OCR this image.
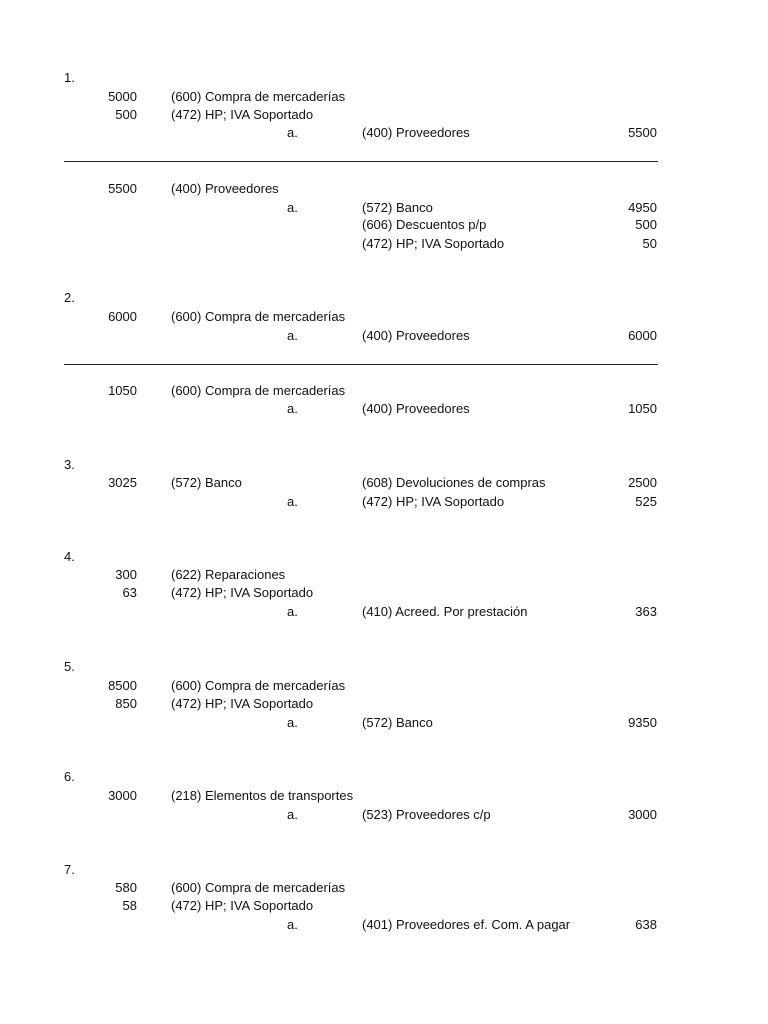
1.
5000	(600) Compra de mercaderías
500	(472) HP; IVA Soportado
a.	(400) Proveedores	5500
5500	(400) Proveedores
a.	(572) Banco	4950
(606) Descuentos p/p	500
(472) HP; IVA Soportado	50
2.
6000	(600) Compra de mercaderías
a.	(400) Proveedores	6000
1050	(600) Compra de mercaderías
a.	(400) Proveedores	1050
3.
3025	(572) Banco	(608) Devoluciones de compras	2500
a.	(472) HP; IVA Soportado	525
4.
300	(622) Reparaciones
63	(472) HP; IVA Soportado
a.	(410) Acreed. Por prestación	363
5.
8500	(600) Compra de mercaderías
850	(472) HP; IVA Soportado
a.	(572) Banco	9350
6.
3000	(218) Elementos de transportes
a.	(523) Proveedores c/p	3000
7.
580	(600) Compra de mercaderías
58	(472) HP; IVA Soportado
a.	(401) Proveedores ef. Com. A pagar	638
